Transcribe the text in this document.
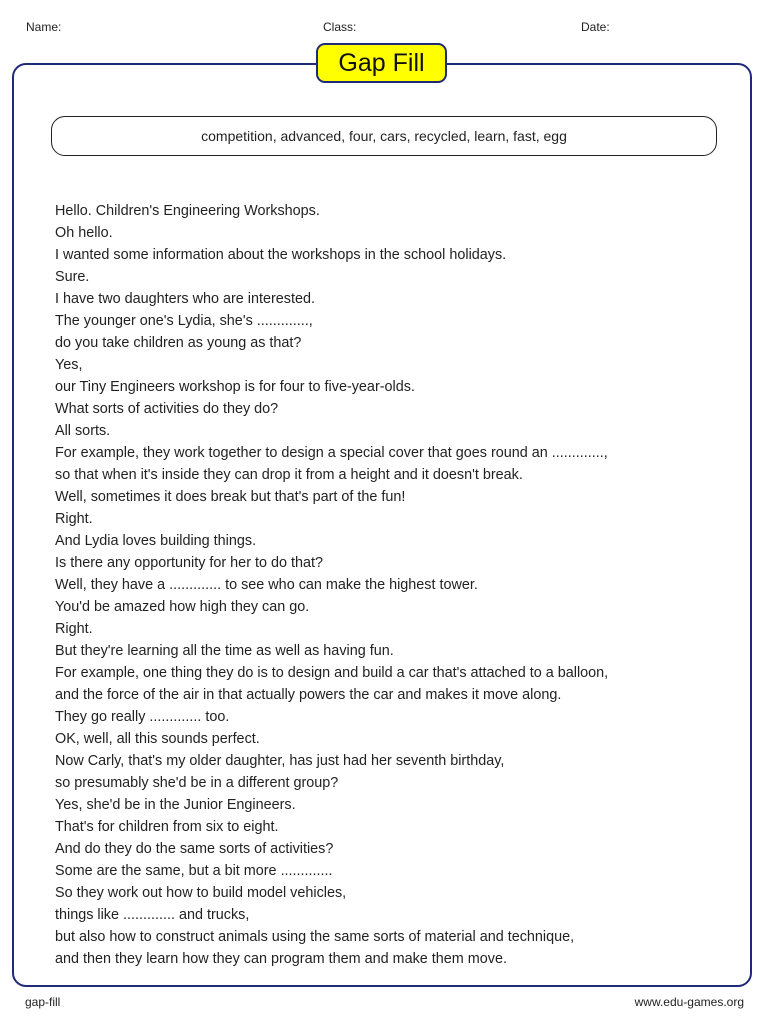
Name:	Class:	Date:
Gap Fill
competition, advanced, four, cars, recycled, learn, fast, egg
Hello. Children's Engineering Workshops.
Oh hello.
I wanted some information about the workshops in the school holidays.
Sure.
I have two daughters who are interested.
The younger one's Lydia, she's .............,
do you take children as young as that?
Yes,
our Tiny Engineers workshop is for four to five-year-olds.
What sorts of activities do they do?
All sorts.
For example, they work together to design a special cover that goes round an .............,
so that when it's inside they can drop it from a height and it doesn't break.
Well, sometimes it does break but that's part of the fun!
Right.
And Lydia loves building things.
Is there any opportunity for her to do that?
Well, they have a ............. to see who can make the highest tower.
You'd be amazed how high they can go.
Right.
But they're learning all the time as well as having fun.
For example, one thing they do is to design and build a car that's attached to a balloon,
and the force of the air in that actually powers the car and makes it move along.
They go really ............. too.
OK, well, all this sounds perfect.
Now Carly, that's my older daughter, has just had her seventh birthday,
so presumably she'd be in a different group?
Yes, she'd be in the Junior Engineers.
That's for children from six to eight.
And do they do the same sorts of activities?
Some are the same, but a bit more .............
So they work out how to build model vehicles,
things like ............. and trucks,
but also how to construct animals using the same sorts of material and technique,
and then they learn how they can program them and make them move.
gap-fill	www.edu-games.org
